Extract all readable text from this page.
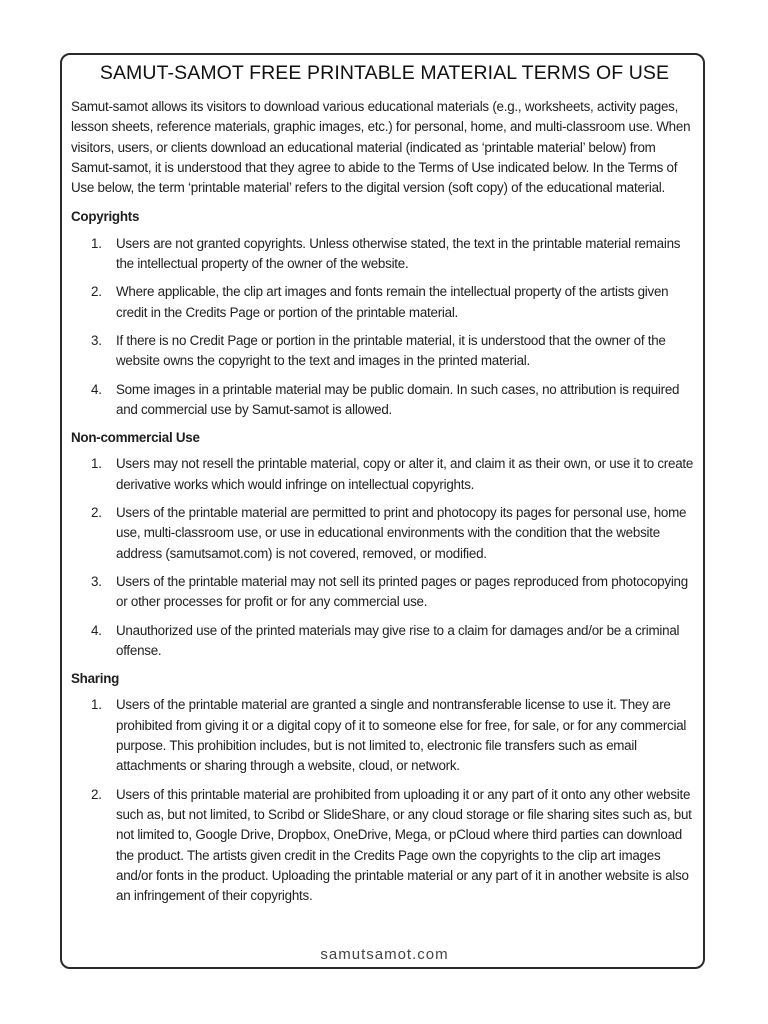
SAMUT-SAMOT FREE PRINTABLE MATERIAL TERMS OF USE

Samut-samot allows its visitors to download various educational materials (e.g., worksheets, activity pages, lesson sheets, reference materials, graphic images, etc.) for personal, home, and multi-classroom use. When visitors, users, or clients download an educational material (indicated as ‘printable material’ below) from Samut-samot, it is understood that they agree to abide to the Terms of Use indicated below. In the Terms of Use below, the term ‘printable material’ refers to the digital version (soft copy) of the educational material.

Copyrights
1. Users are not granted copyrights. Unless otherwise stated, the text in the printable material remains the intellectual property of the owner of the website.
2. Where applicable, the clip art images and fonts remain the intellectual property of the artists given credit in the Credits Page or portion of the printable material.
3. If there is no Credit Page or portion in the printable material, it is understood that the owner of the website owns the copyright to the text and images in the printed material.
4. Some images in a printable material may be public domain. In such cases, no attribution is required and commercial use by Samut-samot is allowed.
Non-commercial Use
1. Users may not resell the printable material, copy or alter it, and claim it as their own, or use it to create derivative works which would infringe on intellectual copyrights.
2. Users of the printable material are permitted to print and photocopy its pages for personal use, home use, multi-classroom use, or use in educational environments with the condition that the website address (samutsamot.com) is not covered, removed, or modified.
3. Users of the printable material may not sell its printed pages or pages reproduced from photocopying or other processes for profit or for any commercial use.
4. Unauthorized use of the printed materials may give rise to a claim for damages and/or be a criminal offense.
Sharing
1. Users of the printable material are granted a single and nontransferable license to use it. They are prohibited from giving it or a digital copy of it to someone else for free, for sale, or for any commercial purpose. This prohibition includes, but is not limited to, electronic file transfers such as email attachments or sharing through a website, cloud, or network.
2. Users of this printable material are prohibited from uploading it or any part of it onto any other website such as, but not limited, to Scribd or SlideShare, or any cloud storage or file sharing sites such as, but not limited to, Google Drive, Dropbox, OneDrive, Mega, or pCloud where third parties can download the product. The artists given credit in the Credits Page own the copyrights to the clip art images and/or fonts in the product. Uploading the printable material or any part of it in another website is also an infringement of their copyrights.
samutsamot.com
